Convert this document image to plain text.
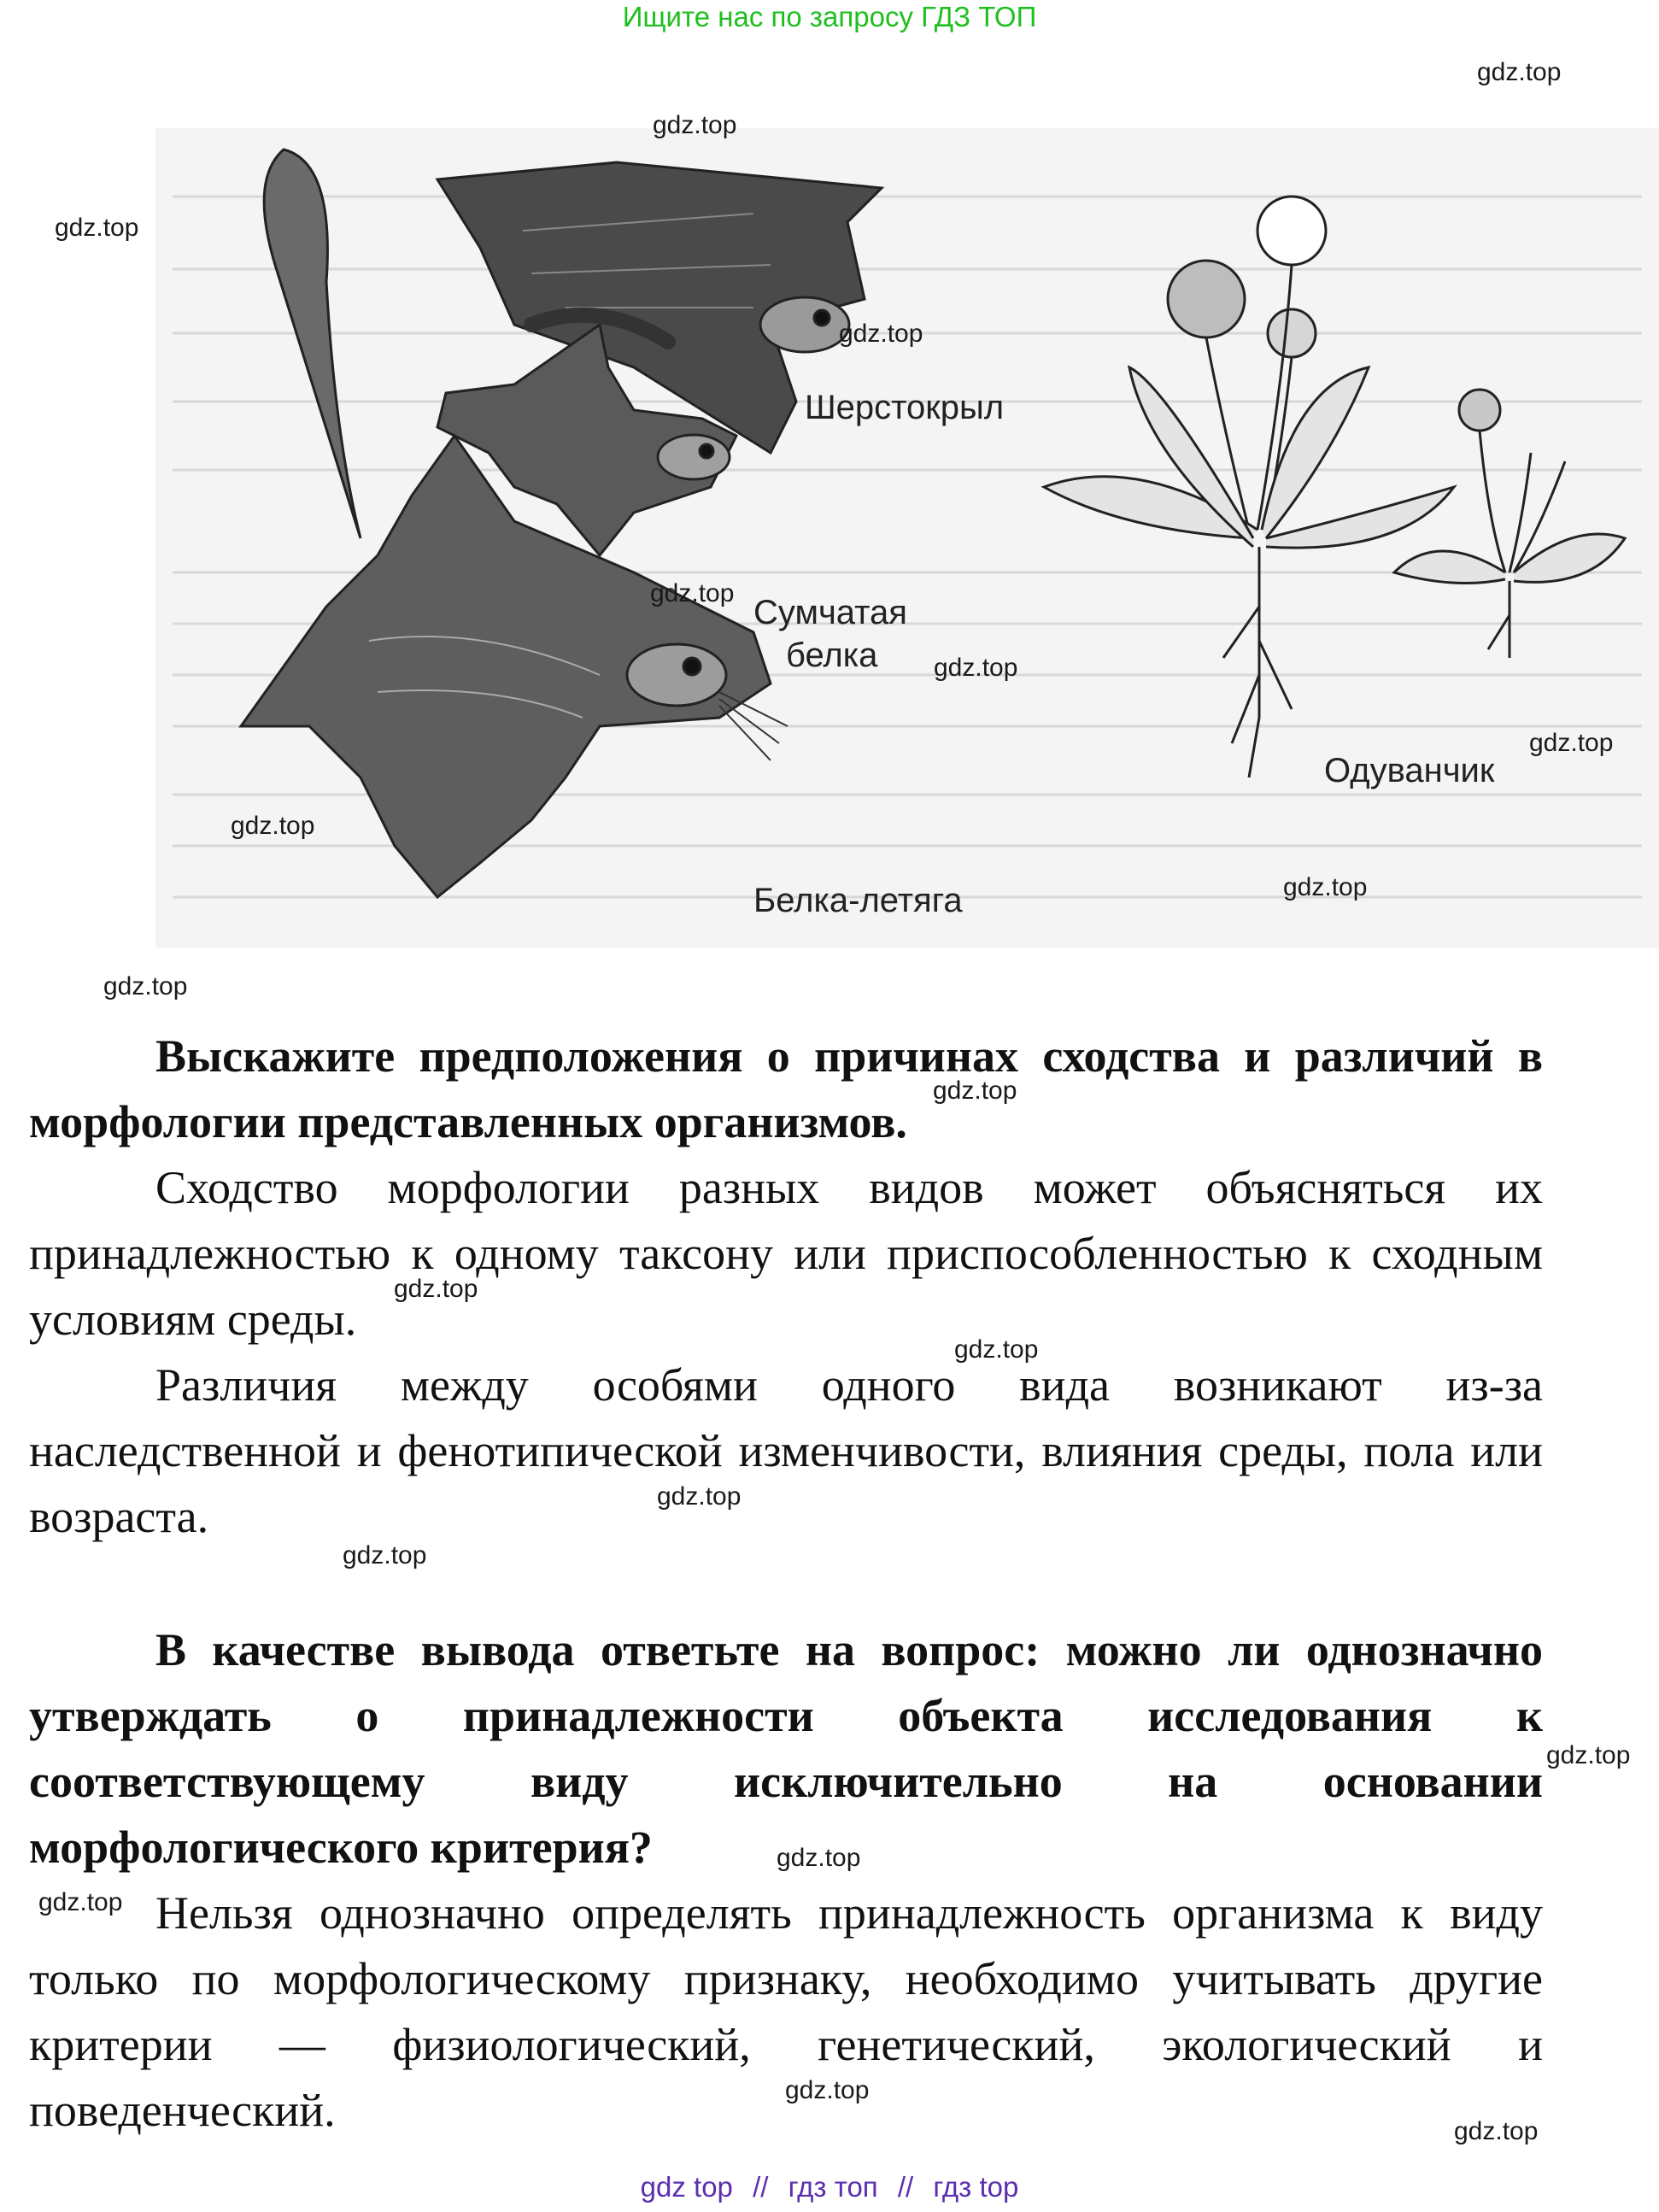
Ищите нас по запросу ГДЗ ТОП
Шерстокрыл
Сумчатая
белка
Одуванчик
Белка-летяга
gdz.top
gdz.top
gdz.top
gdz.top
gdz.top
gdz.top
gdz.top
gdz.top
gdz.top
gdz.top
gdz.top
gdz.top
gdz.top
gdz.top
gdz.top
gdz.top
gdz.top
gdz.top
gdz.top
gdz.top

Выскажите предположения о причинах сходства и различий в морфологии представленных организмов.

Сходство морфологии разных видов может объясняться их принадлежностью к одному таксону или приспособленностью к сходным условиям среды.

Различия между особями одного вида возникают из-за наследственной и фенотипической изменчивости, влияния среды, пола или возраста.

В качестве вывода ответьте на вопрос: можно ли однозначно утверждать о принадлежности объекта исследования к соответствующему виду исключительно на основании морфологического критерия?

Нельзя однозначно определять принадлежность организма к виду только по морфологическому признаку, необходимо учитывать другие критерии — физиологический, генетический, экологический и поведенческий.

gdz top // гдз топ // гдз top
